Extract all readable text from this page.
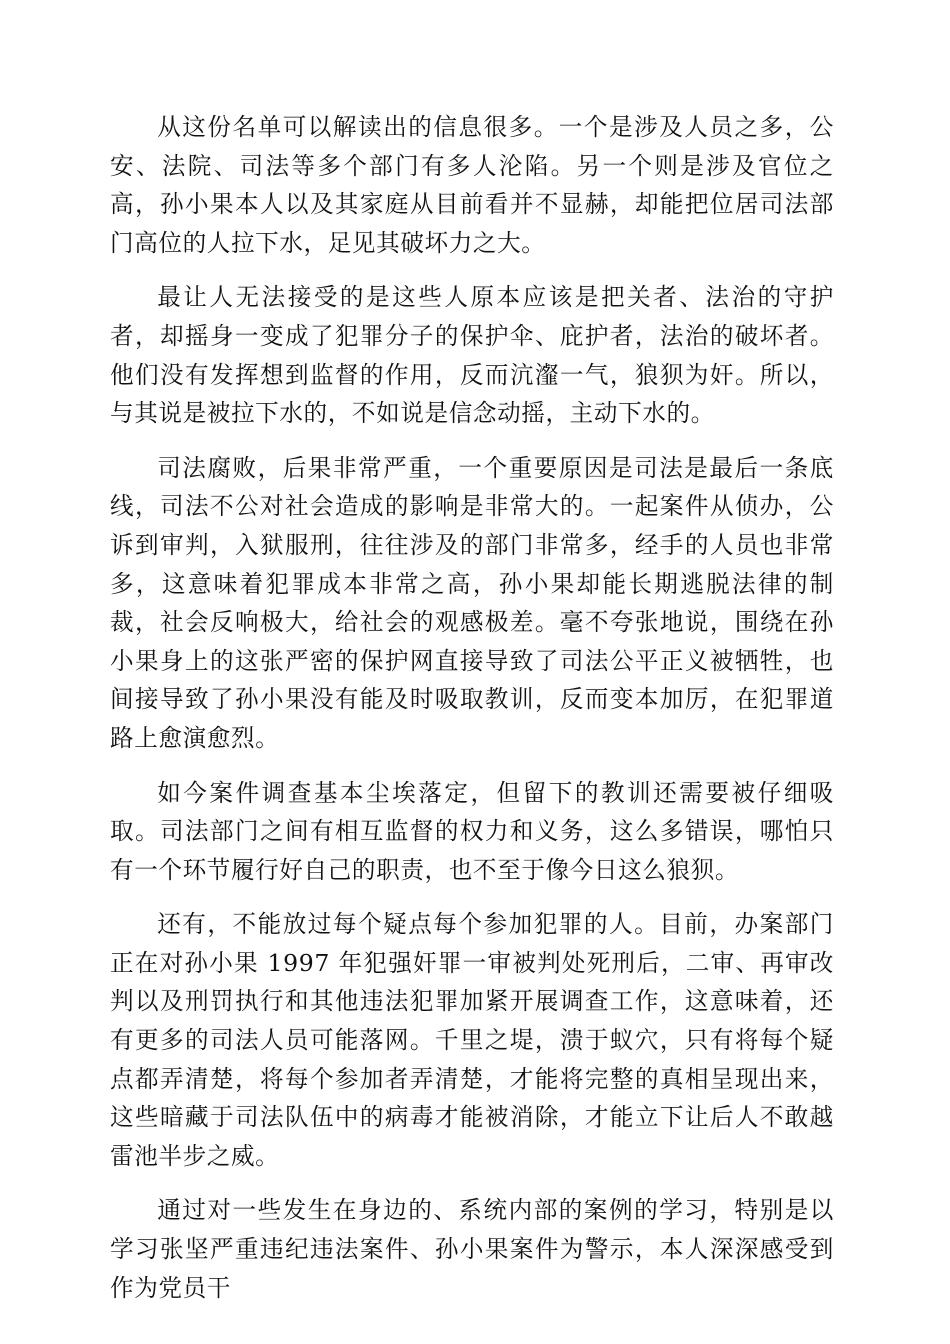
从这份名单可以解读出的信息很多。一个是涉及人员之多，公安、法院、司法等多个部门有多人沦陷。另一个则是涉及官位之高，孙小果本人以及其家庭从目前看并不显赫，却能把位居司法部门高位的人拉下水，足见其破坏力之大。

最让人无法接受的是这些人原本应该是把关者、法治的守护者，却摇身一变成了犯罪分子的保护伞、庇护者，法治的破坏者。他们没有发挥想到监督的作用，反而沆瀣一气，狼狈为奸。所以，与其说是被拉下水的，不如说是信念动摇，主动下水的。

司法腐败，后果非常严重，一个重要原因是司法是最后一条底线，司法不公对社会造成的影响是非常大的。一起案件从侦办，公诉到审判，入狱服刑，往往涉及的部门非常多，经手的人员也非常多，这意味着犯罪成本非常之高，孙小果却能长期逃脱法律的制裁，社会反响极大，给社会的观感极差。毫不夸张地说，围绕在孙小果身上的这张严密的保护网直接导致了司法公平正义被牺牲，也间接导致了孙小果没有能及时吸取教训，反而变本加厉，在犯罪道路上愈演愈烈。

如今案件调查基本尘埃落定，但留下的教训还需要被仔细吸取。司法部门之间有相互监督的权力和义务，这么多错误，哪怕只有一个环节履行好自己的职责，也不至于像今日这么狼狈。

还有，不能放过每个疑点每个参加犯罪的人。目前，办案部门正在对孙小果 1997 年犯强奸罪一审被判处死刑后，二审、再审改判以及刑罚执行和其他违法犯罪加紧开展调查工作，这意味着，还有更多的司法人员可能落网。千里之堤，溃于蚁穴，只有将每个疑点都弄清楚，将每个参加者弄清楚，才能将完整的真相呈现出来，这些暗藏于司法队伍中的病毒才能被消除，才能立下让后人不敢越雷池半步之威。

通过对一些发生在身边的、系统内部的案例的学习，特别是以学习张坚严重违纪违法案件、孙小果案件为警示，本人深深感受到作为党员干
